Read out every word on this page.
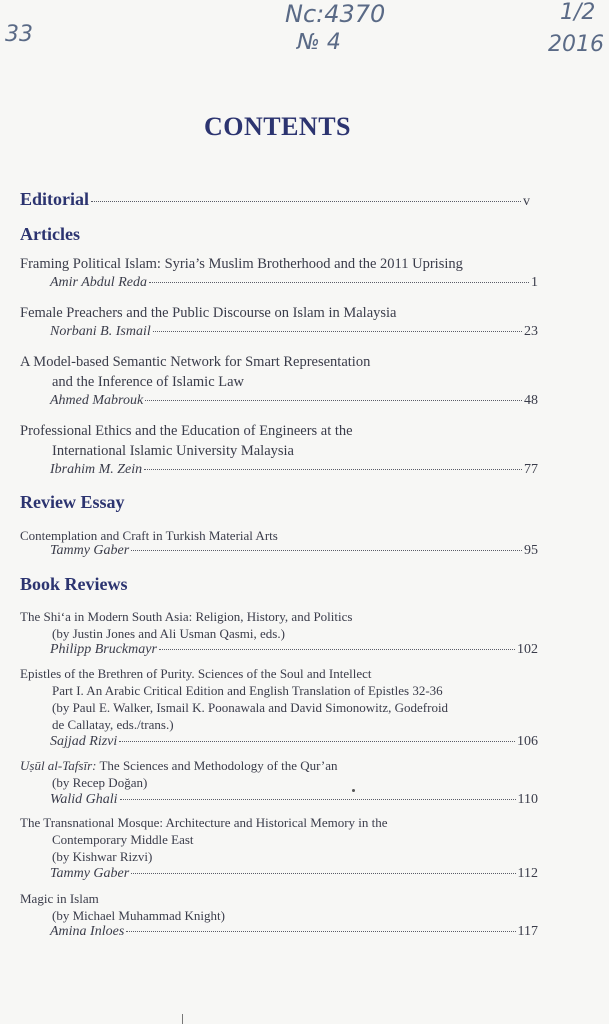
33
Nc:4370
№ 4
1/2
2016
CONTENTS
Editorial	v
Articles
Framing Political Islam: Syria’s Muslim Brotherhood and the 2011 Uprising
Amir Abdul Reda	1
Female Preachers and the Public Discourse on Islam in Malaysia
Norbani B. Ismail	23
A Model-based Semantic Network for Smart Representation
and the Inference of Islamic Law
Ahmed Mabrouk	48
Professional Ethics and the Education of Engineers at the
International Islamic University Malaysia
Ibrahim M. Zein	77
Review Essay
Contemplation and Craft in Turkish Material Arts
Tammy Gaber	95
Book Reviews
The Shi‘a in Modern South Asia: Religion, History, and Politics
(by Justin Jones and Ali Usman Qasmi, eds.)
Philipp Bruckmayr	102
Epistles of the Brethren of Purity. Sciences of the Soul and Intellect
Part I. An Arabic Critical Edition and English Translation of Epistles 32-36
(by Paul E. Walker, Ismail K. Poonawala and David Simonowitz, Godefroid
de Callatay, eds./trans.)
Sajjad Rizvi	106
Uṣūl al-Tafsīr: The Sciences and Methodology of the Qur’an
(by Recep Doğan)
Walid Ghali	110
The Transnational Mosque: Architecture and Historical Memory in the
Contemporary Middle East
(by Kishwar Rizvi)
Tammy Gaber	112
Magic in Islam
(by Michael Muhammad Knight)
Amina Inloes	117
